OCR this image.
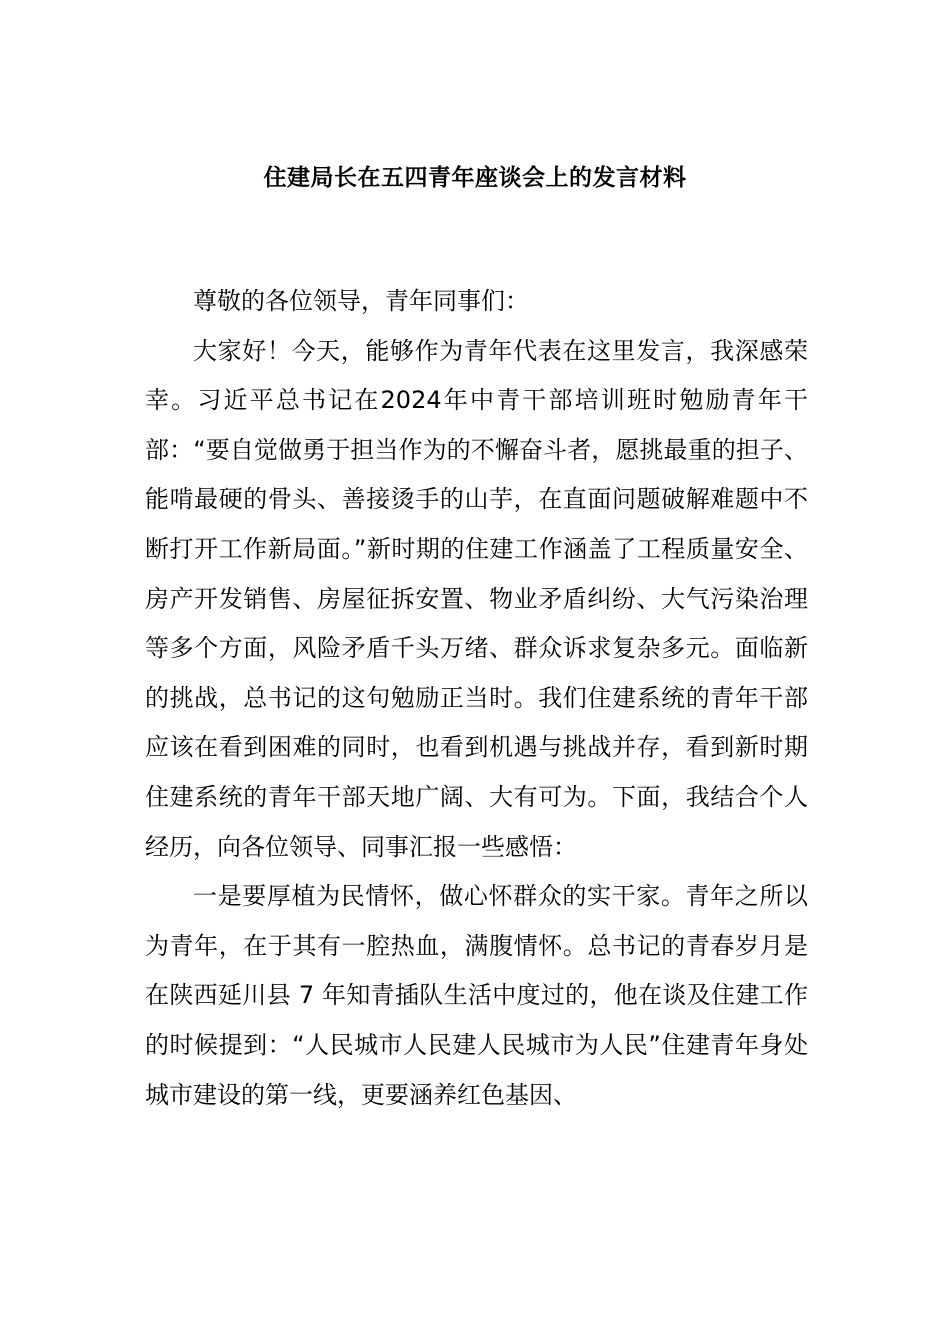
住建局长在五四青年座谈会上的发言材料

尊敬的各位领导，青年同事们：

大家好！今天，能够作为青年代表在这里发言，我深感荣幸。习近平总书记在2024年中青干部培训班时勉励青年干部：“要自觉做勇于担当作为的不懈奋斗者，愿挑最重的担子、能啃最硬的骨头、善接烫手的山芋，在直面问题破解难题中不断打开工作新局面。”新时期的住建工作涵盖了工程质量安全、房产开发销售、房屋征拆安置、物业矛盾纠纷、大气污染治理等多个方面，风险矛盾千头万绪、群众诉求复杂多元。面临新的挑战，总书记的这句勉励正当时。我们住建系统的青年干部应该在看到困难的同时，也看到机遇与挑战并存，看到新时期住建系统的青年干部天地广阔、大有可为。下面，我结合个人经历，向各位领导、同事汇报一些感悟：

一是要厚植为民情怀，做心怀群众的实干家。青年之所以为青年，在于其有一腔热血，满腹情怀。总书记的青春岁月是在陕西延川县 7 年知青插队生活中度过的，他在谈及住建工作的时候提到：“人民城市人民建人民城市为人民”住建青年身处城市建设的第一线，更要涵养红色基因、
